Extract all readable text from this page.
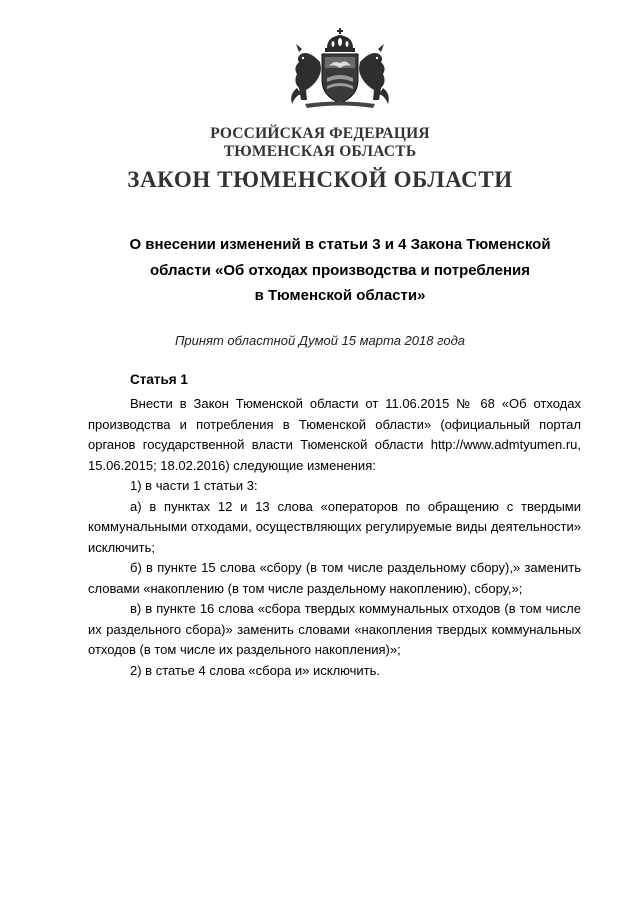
РОССИЙСКАЯ ФЕДЕРАЦИЯ
ТЮМЕНСКАЯ ОБЛАСТЬ
ЗАКОН ТЮМЕНСКОЙ ОБЛАСТИ
О внесении изменений в статьи 3 и 4 Закона Тюменской
области «Об отходах производства и потребления
в Тюменской области»
Принят областной Думой 15 марта 2018 года
Статья 1

Внести в Закон Тюменской области от 11.06.2015 № 68 «Об отходах производства и потребления в Тюменской области» (официальный портал органов государственной власти Тюменской области http://www.admtyumen.ru, 15.06.2015; 18.02.2016) следующие изменения:

1) в части 1 статьи 3:

а) в пунктах 12 и 13 слова «операторов по обращению с твердыми коммунальными отходами, осуществляющих регулируемые виды деятельности» исключить;

б) в пункте 15 слова «сбору (в том числе раздельному сбору),» заменить словами «накоплению (в том числе раздельному накоплению), сбору,»;

в) в пункте 16 слова «сбора твердых коммунальных отходов (в том числе их раздельного сбора)» заменить словами «накопления твердых коммунальных отходов (в том числе их раздельного накопления)»;

2) в статье 4 слова «сбора и» исключить.
